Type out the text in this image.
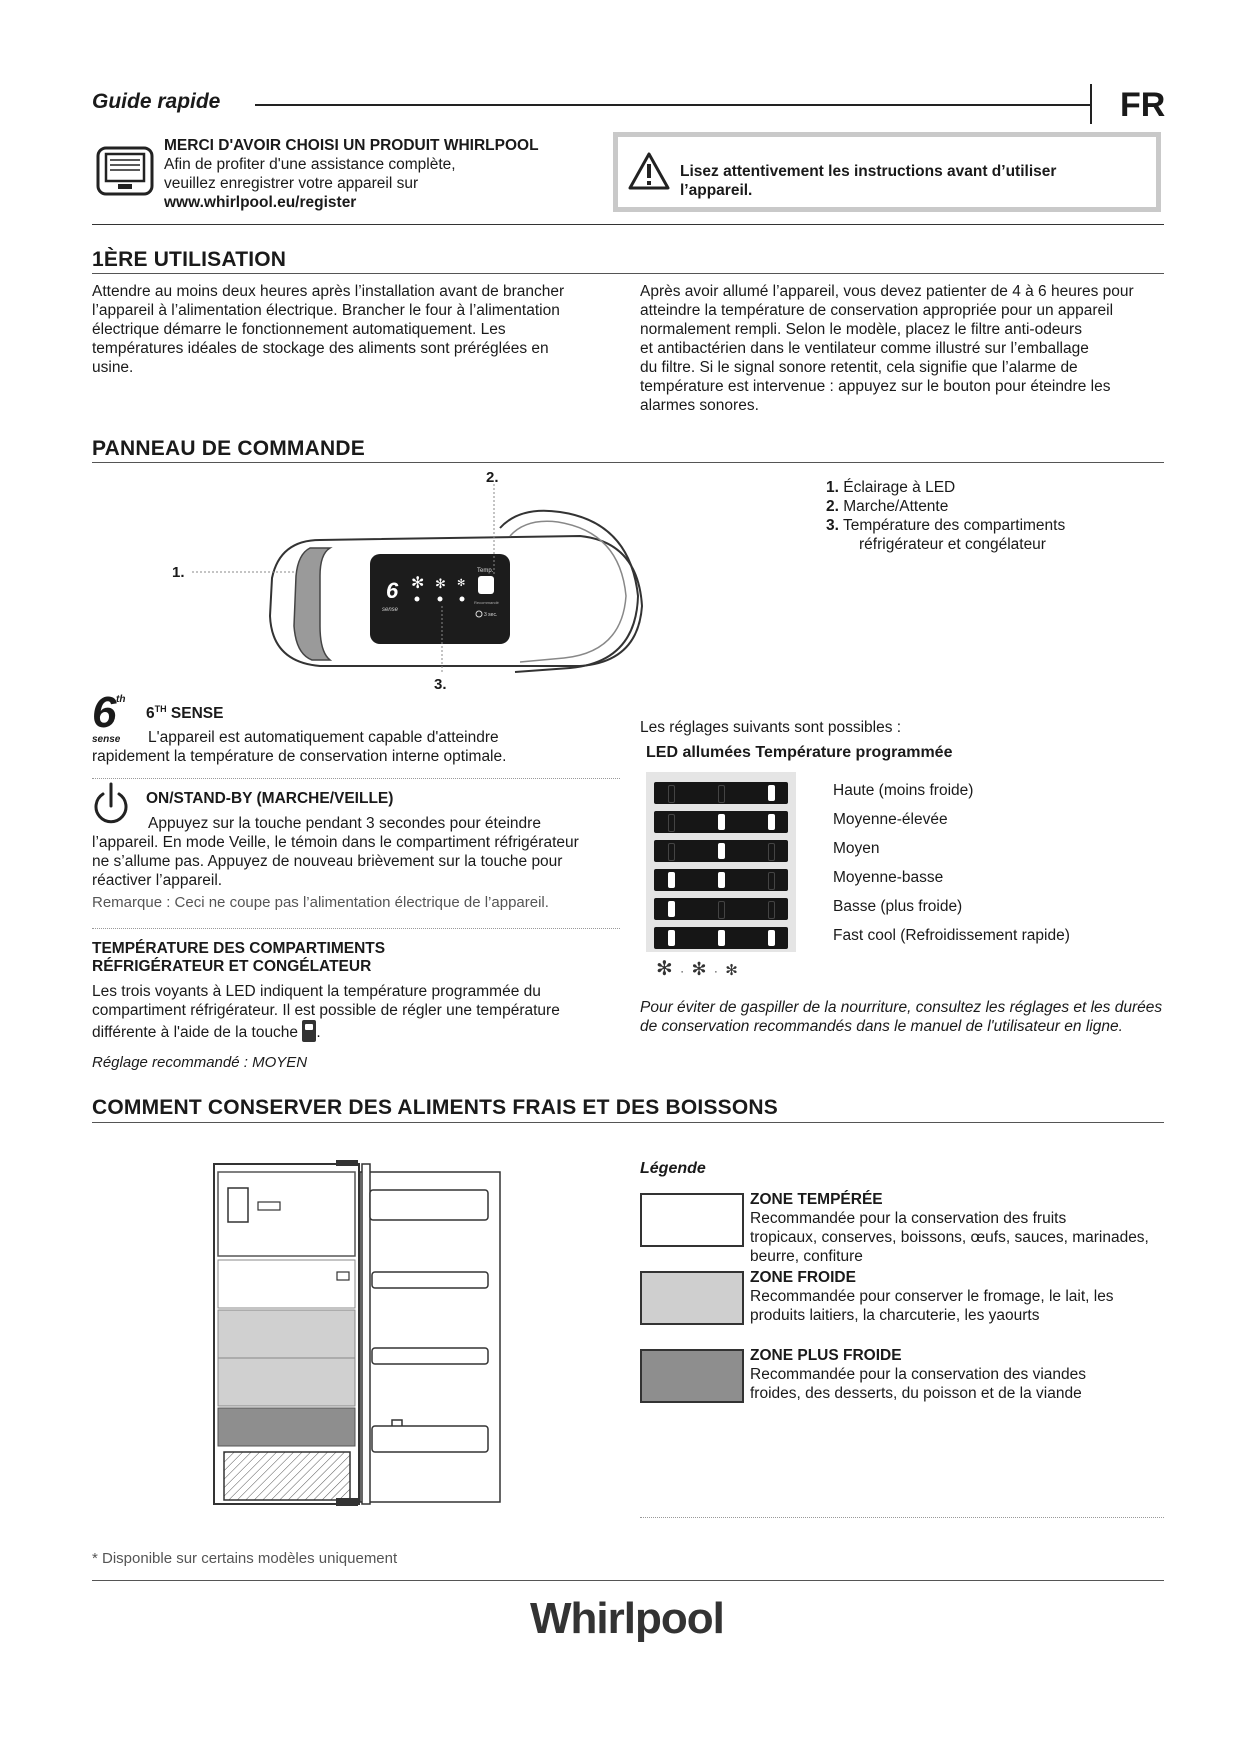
Guide rapide	FR
MERCI D'AVOIR CHOISI UN PRODUIT WHIRLPOOL
Afin de profiter d'une assistance complète,
veuillez enregistrer votre appareil sur
www.whirlpool.eu/register
Lisez attentivement les instructions avant d’utiliser
l’appareil.
1ÈRE UTILISATION
Attendre au moins deux heures après l’installation avant de brancher
l’appareil à l’alimentation électrique. Brancher le four à l’alimentation
électrique démarre le fonctionnement automatiquement. Les
températures idéales de stockage des aliments sont préréglées en
usine.
Après avoir allumé l’appareil, vous devez patienter de 4 à 6 heures pour
atteindre la température de conservation appropriée pour un appareil
normalement rempli. Selon le modèle, placez le filtre anti-odeurs
et antibactérien dans le ventilateur comme illustré sur l’emballage
du filtre. Si le signal sonore retentit, cela signifie que l’alarme de
température est intervenue : appuyez sur le bouton pour éteindre les
alarmes sonores.
PANNEAU DE COMMANDE
6
sense
✻ ✻ ✻
Temp.
Recommandé
3 sec.
1.
2.
3.
1. Éclairage à LED
2. Marche/Attente
3. Température des compartiments
réfrigérateur et congélateur
6 th
sense
6TH SENSE
L'appareil est automatiquement capable d'atteindre
rapidement la température de conservation interne optimale.
ON/STAND-BY (MARCHE/VEILLE)
Appuyez sur la touche pendant 3 secondes pour éteindre
l’appareil. En mode Veille, le témoin dans le compartiment réfrigérateur
ne s’allume pas. Appuyez de nouveau brièvement sur la touche pour
réactiver l’appareil.
Remarque : Ceci ne coupe pas l’alimentation électrique de l’appareil.
TEMPÉRATURE DES COMPARTIMENTS
RÉFRIGÉRATEUR ET CONGÉLATEUR
Les trois voyants à LED indiquent la température programmée du
compartiment réfrigérateur. Il est possible de régler une température
différente à l'aide de la touche .
Réglage recommandé : MOYEN
Les réglages suivants sont possibles :
LED allumées Température programmée
✻ · ✻ · ✻
Haute (moins froide)
Moyenne-élevée
Moyen
Moyenne-basse
Basse (plus froide)
Fast cool (Refroidissement rapide)
Pour éviter de gaspiller de la nourriture, consultez les réglages et les durées
de conservation recommandés dans le manuel de l'utilisateur en ligne.
COMMENT CONSERVER DES ALIMENTS FRAIS ET DES BOISSONS
Légende
ZONE TEMPÉRÉE
Recommandée pour la conservation des fruits
tropicaux, conserves, boissons, œufs, sauces, marinades,
beurre, confiture
ZONE FROIDE
Recommandée pour conserver le fromage, le lait, les
produits laitiers, la charcuterie, les yaourts
ZONE PLUS FROIDE
Recommandée pour la conservation des viandes
froides, des desserts, du poisson et de la viande
* Disponible sur certains modèles uniquement
Whirlpool
